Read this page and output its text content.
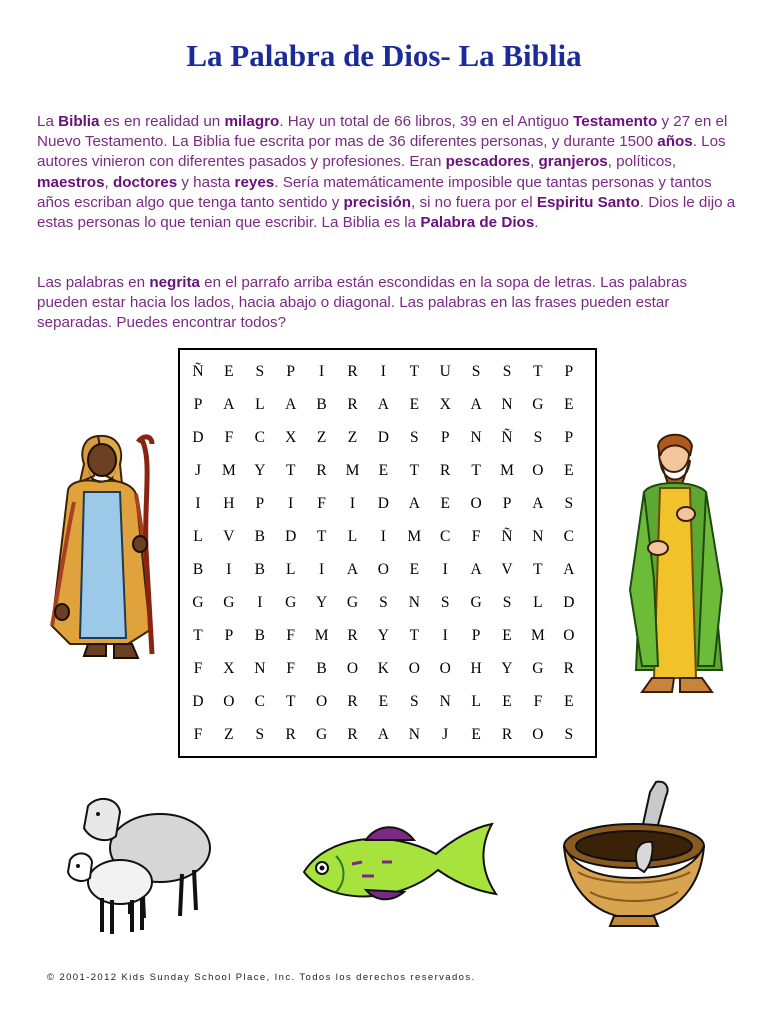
La Palabra de Dios- La Biblia
La Biblia es en realidad un milagro. Hay un total de 66 libros, 39 en el Antiguo Testamento y 27 en el Nuevo Testamento. La Biblia fue escrita por mas de 36 diferentes personas, y durante 1500 años. Los autores vinieron con diferentes pasados y profesiones. Eran pescadores, granjeros, políticos, maestros, doctores y hasta reyes. Sería matemáticamente imposible que tantas personas y tantos años escriban algo que tenga tanto sentido y precisión, si no fuera por el Espiritu Santo. Dios le dijo a estas personas lo que tenian que escribir. La Biblia es la Palabra de Dios.
Las palabras en negrita en el parrafo arriba están escondidas en la sopa de letras. Las palabras pueden estar hacia los lados, hacia abajo o diagonal. Las palabras en las frases pueden estar separadas. Puedes encontrar todos?
Ñ	E	S	P	I	R	I	T	U	S	S	T	P
P	A	L	A	B	R	A	E	X	A	N	G	E
D	F	C	X	Z	Z	D	S	P	N	Ñ	S	P
J	M	Y	T	R	M	E	T	R	T	M	O	E
I	H	P	I	F	I	D	A	E	O	P	A	S
L	V	B	D	T	L	I	M	C	F	Ñ	N	C
B	I	B	L	I	A	O	E	I	A	V	T	A
G	G	I	G	Y	G	S	N	S	G	S	L	D
T	P	B	F	M	R	Y	T	I	P	E	M	O
F	X	N	F	B	O	K	O	O	H	Y	G	R
D	O	C	T	O	R	E	S	N	L	E	F	E
F	Z	S	R	G	R	A	N	J	E	R	O	S
© 2001-2012 Kids Sunday School Place, Inc. Todos los derechos reservados.
